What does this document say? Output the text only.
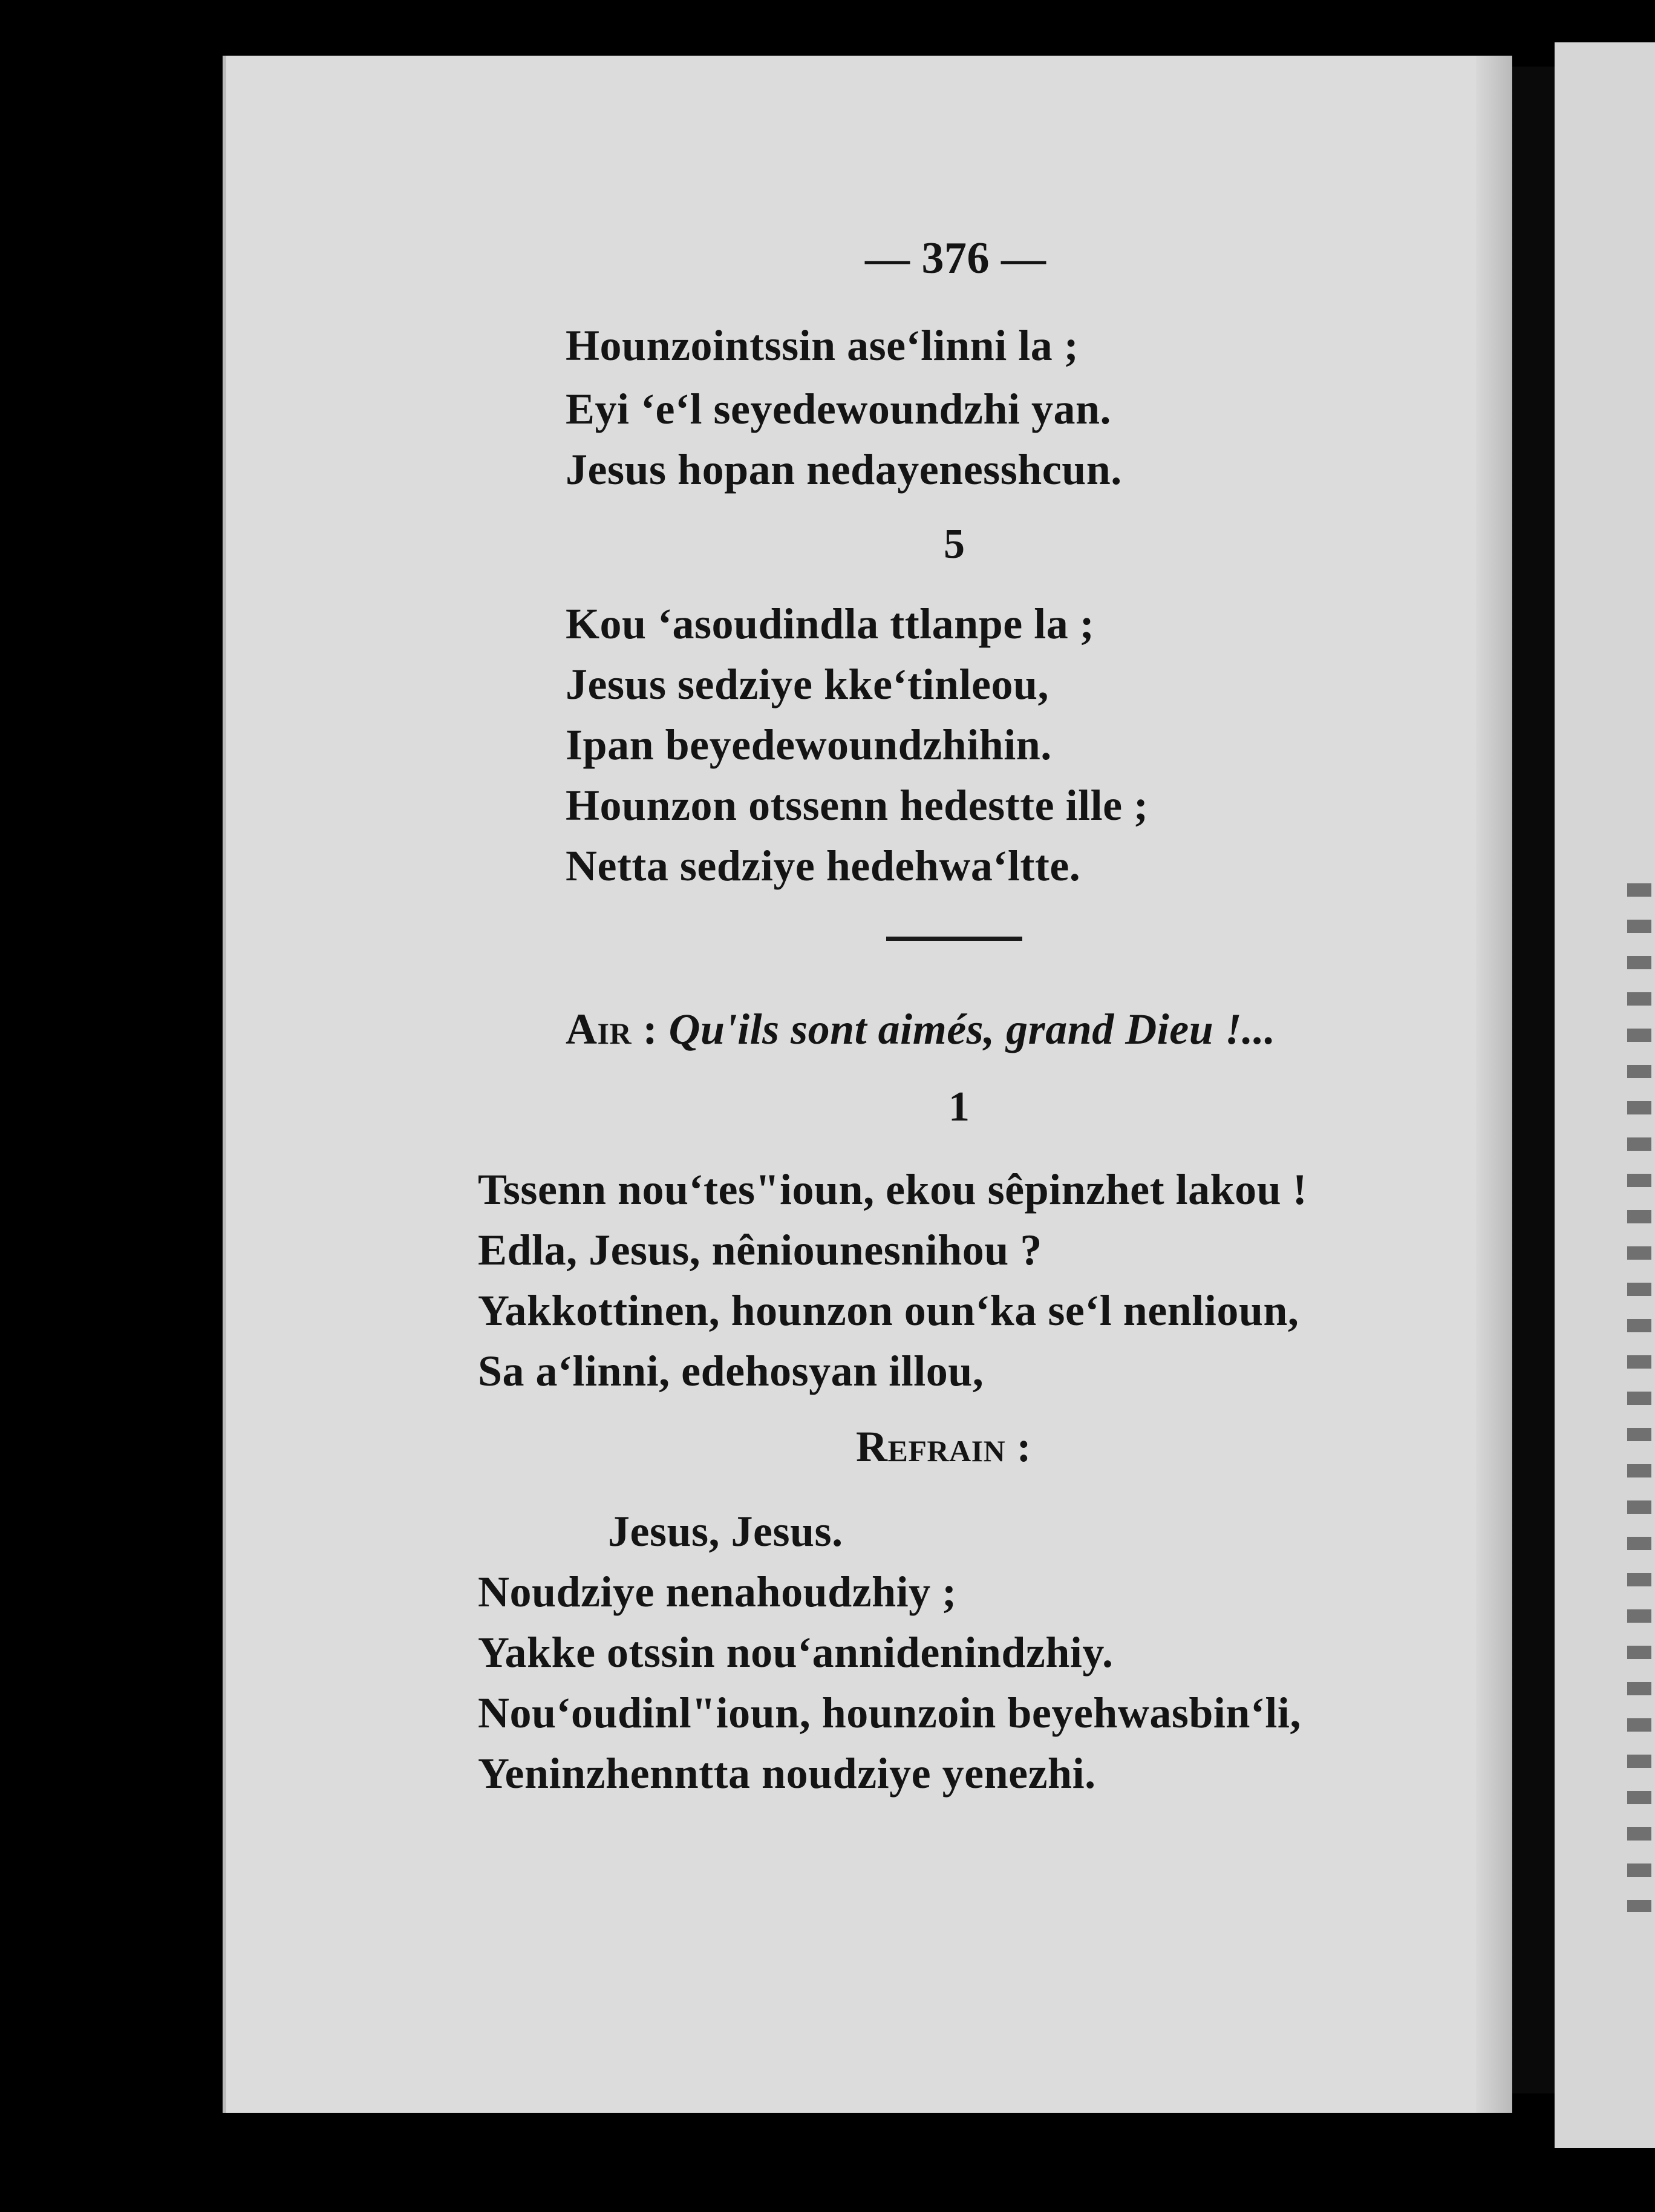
— 376 —
Hounzointssin ase‘linni la ;
Eyi ‘e‘l seyedewoundzhi yan.
Jesus hopan nedayenesshcun.
5
Kou ‘asoudindla ttlanpe la ;
Jesus sedziye kke‘tinleou,
Ipan beyedewoundzhihin.
Hounzon otssenn hedestte ille ;
Netta sedziye hedehwa‘ltte.
Air : Qu'ils sont aimés, grand Dieu !...
1
Tssenn nou‘tes"ioun, ekou sêpinzhet lakou !
Edla, Jesus, nêniounesnihou ?
Yakkottinen, hounzon oun‘ka se‘l nenlioun,
Sa a‘linni, edehosyan illou,
Refrain :
Jesus, Jesus.
Noudziye nenahoudzhiy ;
Yakke otssin nou‘annidenindzhiy.
Nou‘oudinl"ioun, hounzoin beyehwasbin‘li,
Yeninzhenntta noudziye yenezhi.
